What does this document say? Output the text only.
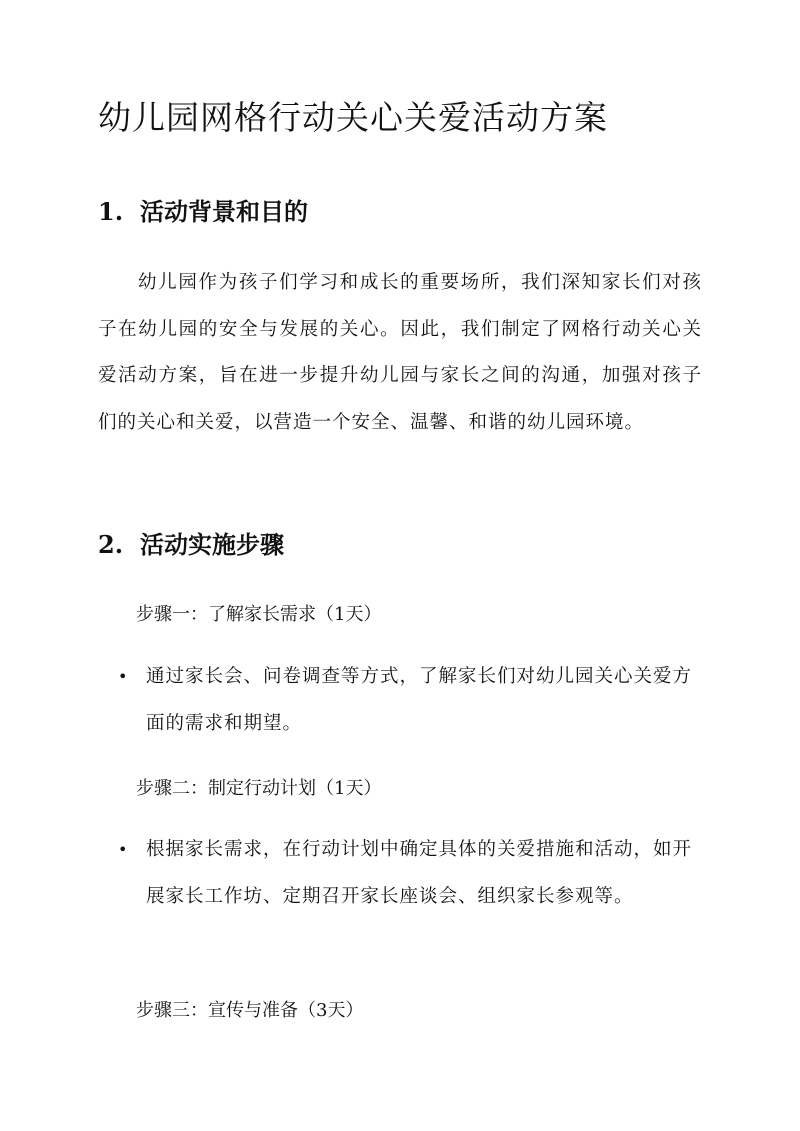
幼儿园网格行动关心关爱活动方案
1. 活动背景和目的

幼儿园作为孩子们学习和成长的重要场所，我们深知家长们对孩子在幼儿园的安全与发展的关心。因此，我们制定了网格行动关心关爱活动方案，旨在进一步提升幼儿园与家长之间的沟通，加强对孩子们的关心和关爱，以营造一个安全、温馨、和谐的幼儿园环境。

2. 活动实施步骤

步骤一：了解家长需求（1天）

• 通过家长会、问卷调查等方式，了解家长们对幼儿园关心关爱方面的需求和期望。

步骤二：制定行动计划（1天）

• 根据家长需求，在行动计划中确定具体的关爱措施和活动，如开展家长工作坊、定期召开家长座谈会、组织家长参观等。

步骤三：宣传与准备（3天）
